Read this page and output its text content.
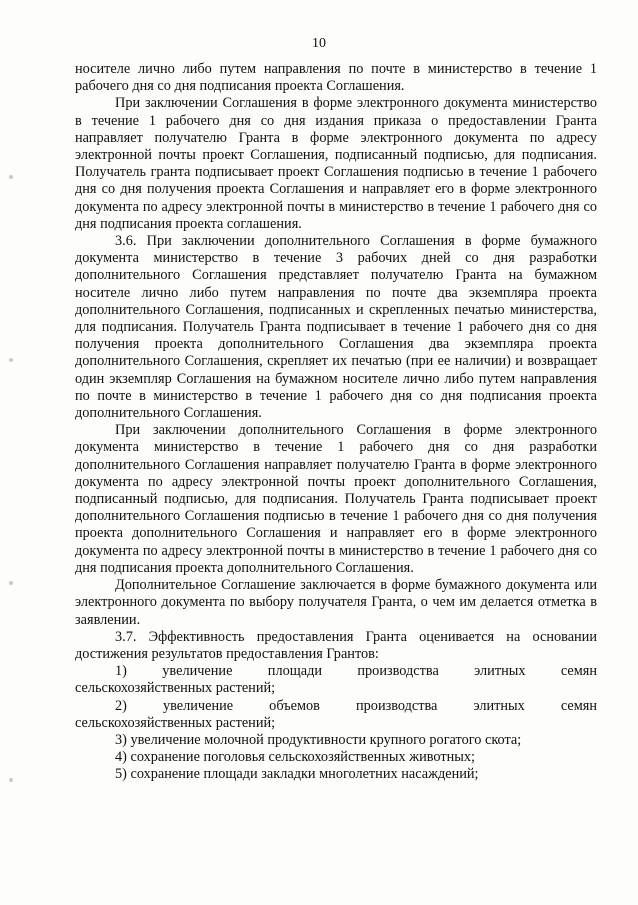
10

носителе лично либо путем направления по почте в министерство в течение 1 рабочего дня со дня подписания проекта Соглашения.

При заключении Соглашения в форме электронного документа министерство в течение 1 рабочего дня со дня издания приказа о предоставлении Гранта направляет получателю Гранта в форме электронного документа по адресу электронной почты проект Соглашения, подписанный подписью, для подписания. Получатель гранта подписывает проект Соглашения подписью в течение 1 рабочего дня со дня получения проекта Соглашения и направляет его в форме электронного документа по адресу электронной почты в министерство в течение 1 рабочего дня со дня подписания проекта соглашения.

3.6. При заключении дополнительного Соглашения в форме бумажного документа министерство в течение 3 рабочих дней со дня разработки дополнительного Соглашения представляет получателю Гранта на бумажном носителе лично либо путем направления по почте два экземпляра проекта дополнительного Соглашения, подписанных и скрепленных печатью министерства, для подписания. Получатель Гранта подписывает в течение 1 рабочего дня со дня получения проекта дополнительного Соглашения два экземпляра проекта дополнительного Соглашения, скрепляет их печатью (при ее наличии) и возвращает один экземпляр Соглашения на бумажном носителе лично либо путем направления по почте в министерство в течение 1 рабочего дня со дня подписания проекта дополнительного Соглашения.

При заключении дополнительного Соглашения в форме электронного документа министерство в течение 1 рабочего дня со дня разработки дополнительного Соглашения направляет получателю Гранта в форме электронного документа по адресу электронной почты проект дополнительного Соглашения, подписанный подписью, для подписания. Получатель Гранта подписывает проект дополнительного Соглашения подписью в течение 1 рабочего дня со дня получения проекта дополнительного Соглашения и направляет его в форме электронного документа по адресу электронной почты в министерство в течение 1 рабочего дня со дня подписания проекта дополнительного Соглашения.

Дополнительное Соглашение заключается в форме бумажного документа или электронного документа по выбору получателя Гранта, о чем им делается отметка в заявлении.

3.7. Эффективность предоставления Гранта оценивается на основании достижения результатов предоставления Грантов:

1) увеличение площади производства элитных семян
сельскохозяйственных растений;

2) увеличение объемов производства элитных семян
сельскохозяйственных растений;

3) увеличение молочной продуктивности крупного рогатого скота;

4) сохранение поголовья сельскохозяйственных животных;

5) сохранение площади закладки многолетних насаждений;
